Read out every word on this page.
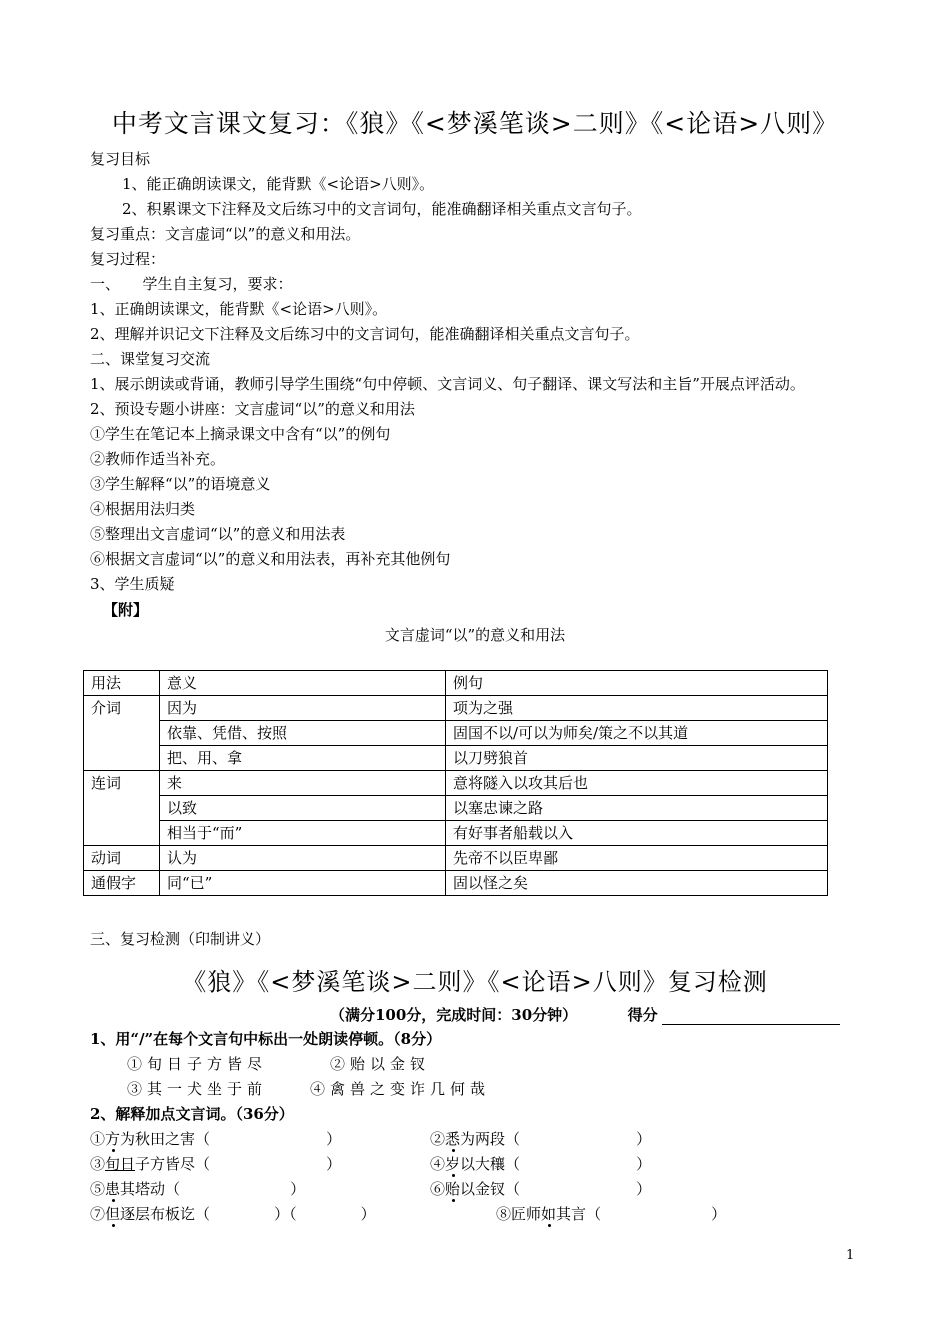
中考文言课文复习：《狼》《<梦溪笔谈>二则》《<论语>八则》
复习目标
1、能正确朗读课文，能背默《<论语>八则》。
2、积累课文下注释及文后练习中的文言词句，能准确翻译相关重点文言句子。
复习重点：文言虚词“以”的意义和用法。
复习过程：
一、　　学生自主复习，要求：
1、正确朗读课文，能背默《<论语>八则》。
2、理解并识记文下注释及文后练习中的文言词句，能准确翻译相关重点文言句子。
二、课堂复习交流
1、展示朗读或背诵，教师引导学生围绕“句中停顿、文言词义、句子翻译、课文写法和主旨”开展点评活动。
2、预设专题小讲座：文言虚词“以”的意义和用法
①学生在笔记本上摘录课文中含有“以”的例句
②教师作适当补充。
③学生解释“以”的语境意义
④根据用法归类
⑤整理出文言虚词“以”的意义和用法表
⑥根据文言虚词“以”的意义和用法表，再补充其他例句
3、学生质疑
【附】
文言虚词“以”的意义和用法
用法	意义	例句
介词	因为	项为之强
	依靠、凭借、按照	固国不以/可以为师矣/策之不以其道
	把、用、拿	以刀劈狼首
连词	来	意将隧入以攻其后也
	以致	以塞忠谏之路
	相当于“而”	有好事者船载以入
动词	认为	先帝不以臣卑鄙
通假字	同“已”	固以怪之矣
三、复习检测（印制讲义）
《狼》《<梦溪笔谈>二则》《<论语>八则》复习检测
（满分100分，完成时间：30分钟）	得分
1、用“/”在每个文言句中标出一处朗读停顿。（8分）
①旬日子方皆尽	②贻以金钗
③其一犬坐于前	④禽兽之变诈几何哉
2、解释加点文言词。（36分）
①方为秋田之害（	）	②悉为两段（	）
③旬日子方皆尽（	）	④岁以大穰（	）
⑤患其塔动（	）	⑥贻以金钗（	）
⑦但逐层布板讫（	）（	）	⑧匠师如其言（	）
1
